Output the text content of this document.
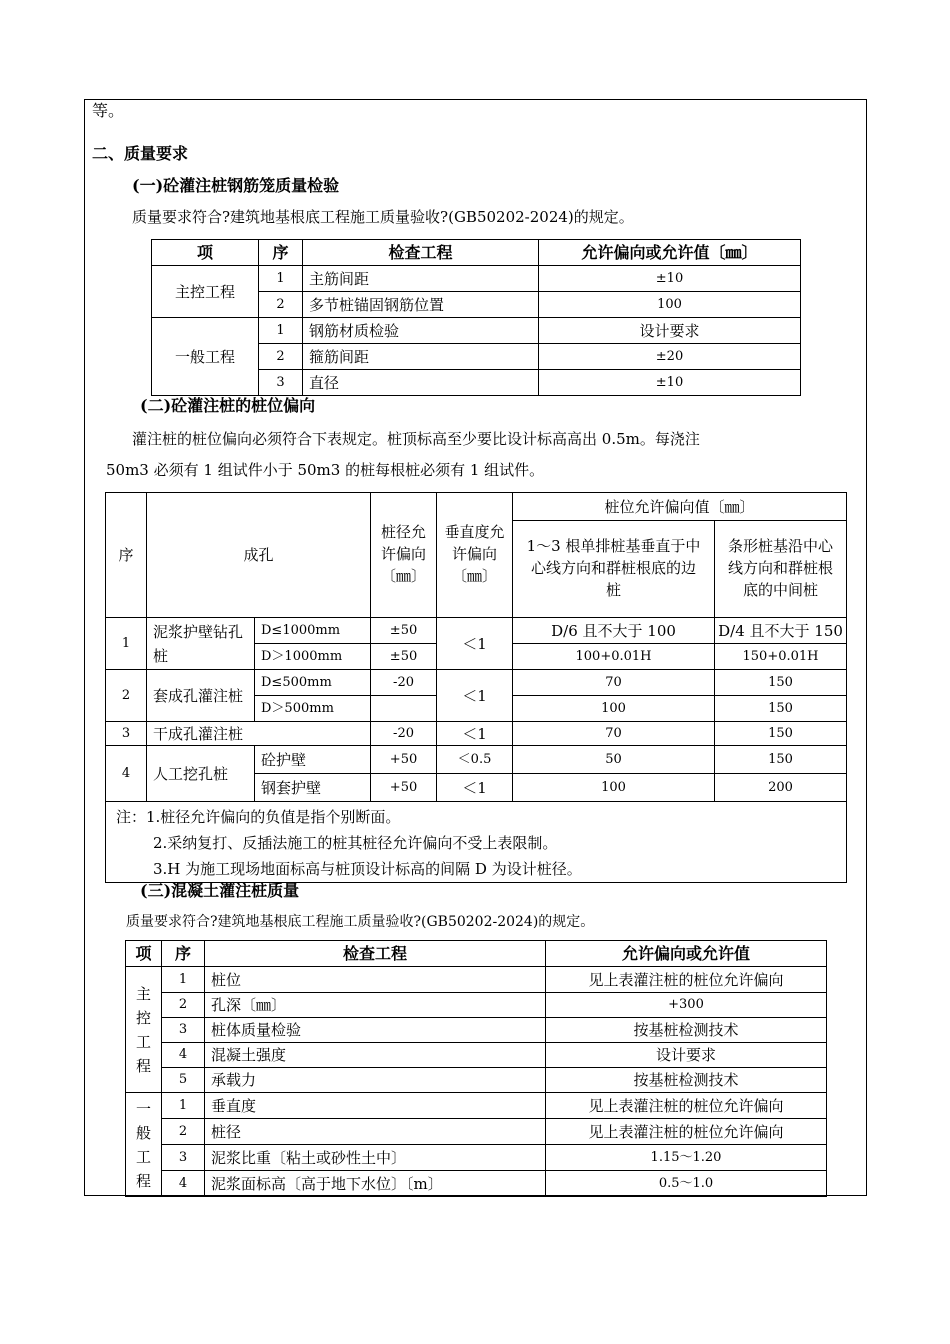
等。
二、质量要求
(一)砼灌注桩钢筋笼质量检验
质量要求符合?建筑地基根底工程施工质量验收?(GB50202-2024)的规定。
项	序	检查工程	允许偏向或允许值〔㎜〕
主控工程	1	主筋间距	±10
	2	多节桩锚固钢筋位置	100
一般工程	1	钢筋材质检验	设计要求
	2	箍筋间距	±20
	3	直径	±10
(二)砼灌注桩的桩位偏向
灌注桩的桩位偏向必须符合下表规定。桩顶标高至少要比设计标高高出 0.5m。每浇注
50m3 必须有 1 组试件小于 50m3 的桩每根桩必须有 1 组试件。
序	成孔		桩径允许偏向〔㎜〕	垂直度允许偏向〔㎜〕	桩位允许偏向值〔㎜〕	
					1～3 根单排桩基垂直于中心线方向和群桩根底的边桩	条形桩基沿中心线方向和群桩根底的中间桩
1	泥浆护壁钻孔桩	D≤1000mm	±50	＜1	D/6 且不大于 100	D/4 且不大于 150
		D＞1000mm	±50		100+0.01H	150+0.01H
2	套成孔灌注桩	D≤500mm	-20	＜1	70	150
		D＞500mm			100	150
3	干成孔灌注桩		-20	＜1	70	150
4	人工挖孔桩	砼护壁	+50	＜0.5	50	150
		钢套护壁	+50	＜1	100	200

注：1.桩径允许偏向的负值是指个别断面。
2.采纳复打、反插法施工的桩其桩径允许偏向不受上表限制。
3.H 为施工现场地面标高与桩顶设计标高的间隔 D 为设计桩径。						
(三)混凝土灌注桩质量
质量要求符合?建筑地基根底工程施工质量验收?(GB50202-2024)的规定。
项	序	检查工程	允许偏向或允许值
主控工程	1	桩位	见上表灌注桩的桩位允许偏向
	2	孔深〔㎜〕	+300
	3	桩体质量检验	按基桩检测技术
	4	混凝土强度	设计要求
	5	承载力	按基桩检测技术
一般工程	1	垂直度	见上表灌注桩的桩位允许偏向
	2	桩径	见上表灌注桩的桩位允许偏向
	3	泥浆比重〔粘土或砂性土中〕	1.15～1.20
	4	泥浆面标高〔高于地下水位〕〔m〕	0.5～1.0
